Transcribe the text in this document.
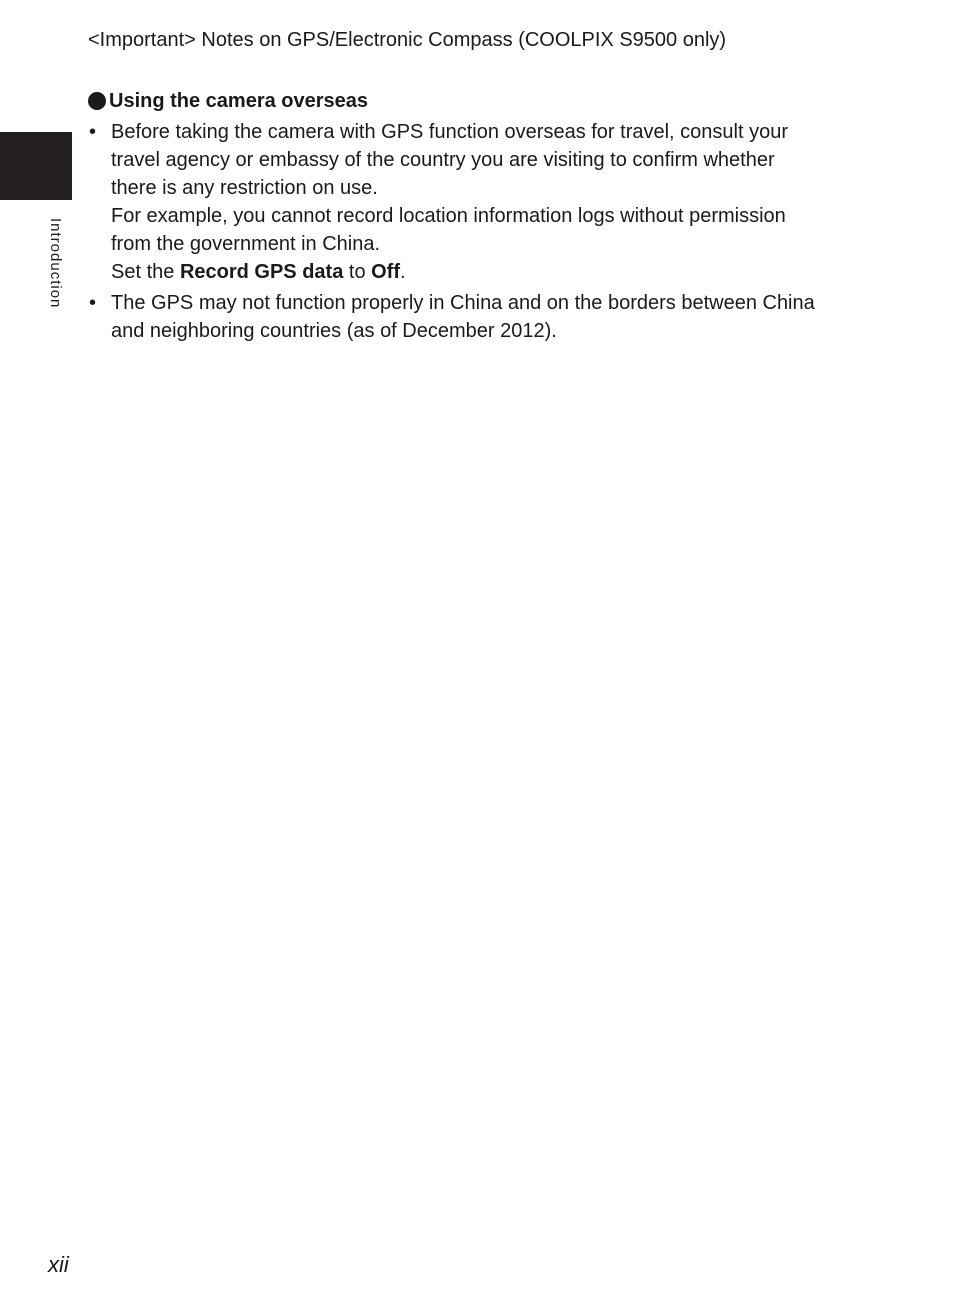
<Important> Notes on GPS/Electronic Compass (COOLPIX S9500 only)
Introduction
Using the camera overseas
• Before taking the camera with GPS function overseas for travel, consult your
travel agency or embassy of the country you are visiting to confirm whether
there is any restriction on use.
For example, you cannot record location information logs without permission
from the government in China.
Set the Record GPS data to Off.
• The GPS may not function properly in China and on the borders between China
and neighboring countries (as of December 2012).
xii
